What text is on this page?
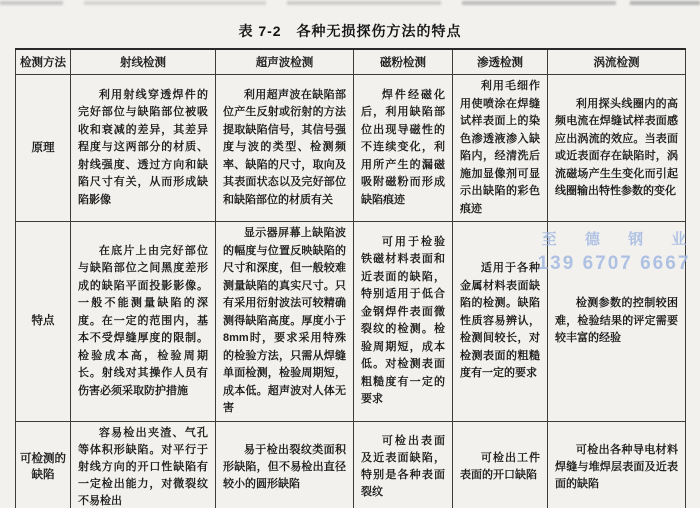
表 7-2　各种无损探伤方法的特点
检测方法	射线检测	超声波检测	磁粉检测	渗透检测	涡流检测
原理	利用射线穿透焊件的完好部位与缺陷部位被吸收和衰减的差异，其差异程度与这两部分的材质、射线强度、透过方向和缺陷尺寸有关，从而形成缺陷影像	利用超声波在缺陷部位产生反射或衍射的方法提取缺陷信号，其信号强度与波的类型、检测频率、缺陷的尺寸，取向及其表面状态以及完好部位和缺陷部位的材质有关	焊件经磁化后，利用缺陷部位出现导磁性的不连续变化，利用所产生的漏磁吸附磁粉而形成缺陷痕迹	利用毛细作用使喷涂在焊缝试样表面上的染色渗透液渗入缺陷内，经清洗后施加显像剂可显示出缺陷的彩色痕迹	利用探头线圈内的高频电流在焊缝试样表面感应出涡流的效应。当表面或近表面存在缺陷时，涡流磁场产生生变化而引起线圈输出特性参数的变化
特点	在底片上由完好部位与缺陷部位之间黑度差形成的缺陷平面投影影像。一般不能测量缺陷的深度。在一定的范围内，基本不受焊缝厚度的限制。检验成本高，检验周期长。射线对其操作人员有伤害必须采取防护措施	显示器屏幕上缺陷波的幅度与位置反映缺陷的尺寸和深度，但一般较难测量缺陷的真实尺寸。只有采用衍射波法可较精确测得缺陷高度。厚度小于8mm时，要求采用特殊的检验方法，只需从焊缝单面检测，检验周期短，成本低。超声波对人体无害	可用于检验铁磁材料表面和近表面的缺陷，特别适用于低合金钢焊件表面微裂纹的检测。检验周期短，成本低。对检测表面粗糙度有一定的要求	适用于各种金属材料表面缺陷的检测。缺陷性质容易辨认，检测间较长，对检测表面的粗糙度有一定的要求	检测参数的控制较困难，检验结果的评定需要较丰富的经验
可检测的缺陷	容易检出夹渣、气孔等体积形缺陷。对平行于射线方向的开口性缺陷有一定检出能力，对微裂纹不易检出	易于检出裂纹类面积形缺陷，但不易检出直径较小的圆形缺陷	可检出表面及近表面缺陷，特别是各种表面裂纹	可检出工件表面的开口缺陷	可检出各种导电材料焊缝与堆焊层表面及近表面的缺陷
至 德 钢 业
139 6707 6667
